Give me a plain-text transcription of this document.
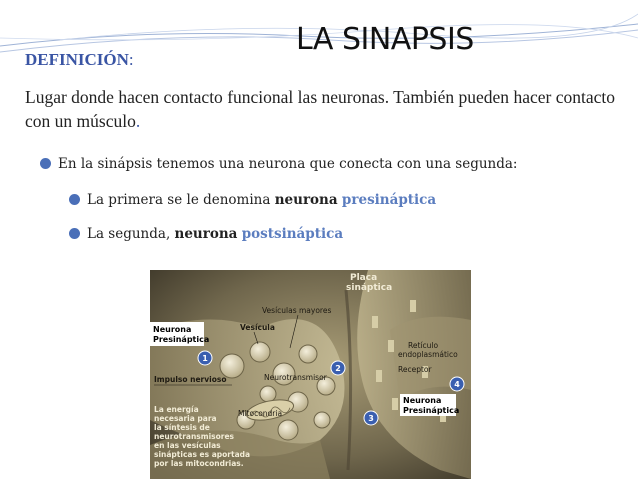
LA SINAPSIS
DEFINICIÓN:
Lugar donde hacen contacto funcional las neuronas. También pueden hacer contacto con un músculo.
En la sinápsis tenemos una neurona que conecta con una segunda:
La primera se le denomina neurona presináptica
La segunda, neurona postsináptica
Neurona
Presináptica
Placa
sináptica
Vesículas mayores
Vesícula
Retículo
endoplasmático
Impulso nervioso	Neurotransmisor
Receptor
Mitocondria
Neurona
Presináptica
1
2
3
4
La energía
necesaria para
la síntesis de
neurotransmisores
en las vesículas
sinápticas es aportada
por las mitocondrias.
